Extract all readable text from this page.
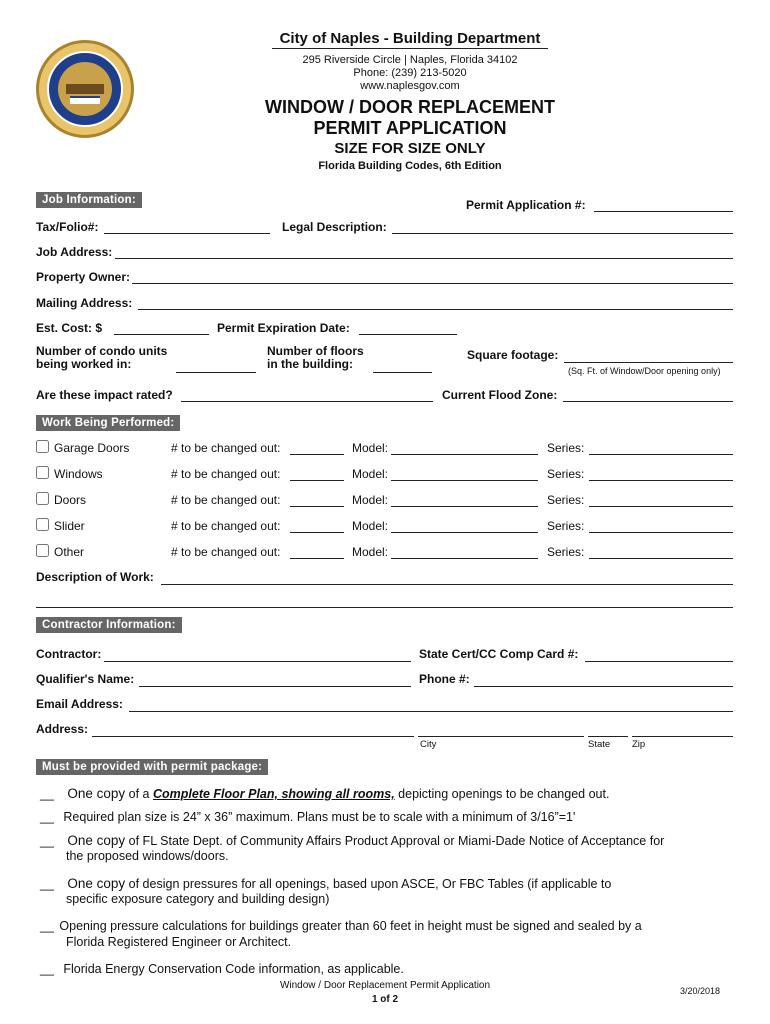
City of Naples - Building Department
295 Riverside Circle | Naples, Florida 34102
Phone: (239) 213-5020
www.naplesgov.com
WINDOW / DOOR REPLACEMENT
PERMIT APPLICATION
SIZE FOR SIZE ONLY
Florida Building Codes, 6th Edition
Job Information:	Permit Application #:
Tax/Folio#:	Legal Description:
Job Address:
Property Owner:
Mailing Address:
Est. Cost: $	Permit Expiration Date:
Number of condo units
being worked in:
Number of floors
in the building:
Square footage:
(Sq. Ft. of Window/Door opening only)
Are these impact rated?	Current Flood Zone:
Work Being Performed:
Garage Doors	# to be changed out:	Model:	Series:
Windows	# to be changed out:	Model:	Series:
Doors	# to be changed out:	Model:	Series:
Slider	# to be changed out:	Model:	Series:
Other	# to be changed out:	Model:	Series:
Description of Work:
Contractor Information:
Contractor:	State Cert/CC Comp Card #:
Qualifier's Name:	Phone #:
Email Address:
Address:
City	State Zip
Must be provided with permit package:
__ One copy of a Complete Floor Plan, showing all rooms, depicting openings to be changed out.
__ Required plan size is 24” x 36” maximum. Plans must be to scale with a minimum of 3/16”=1'
__ One copy of FL State Dept. of Community Affairs Product Approval or Miami-Dade Notice of Acceptance for
the proposed windows/doors.
__ One copy of design pressures for all openings, based upon ASCE, Or FBC Tables (if applicable to
specific exposure category and building design)
__ Opening pressure calculations for buildings greater than 60 feet in height must be signed and sealed by a
Florida Registered Engineer or Architect.
__ Florida Energy Conservation Code information, as applicable.
Window / Door Replacement Permit Application
1 of 2
3/20/2018
